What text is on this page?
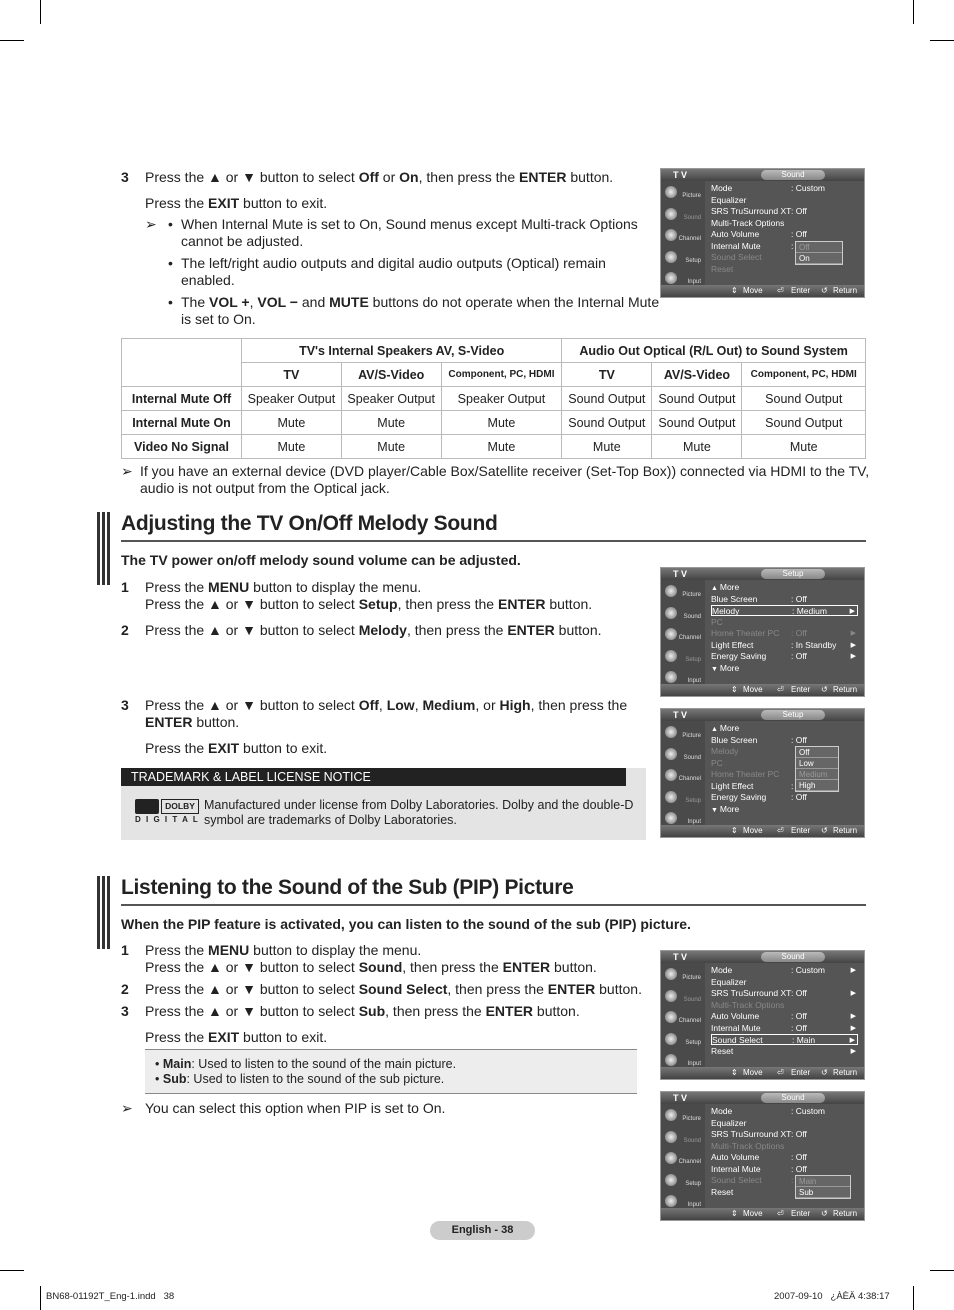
3 Press the ▲ or ▼ button to select Off or On, then press the ENTER button.
Press the EXIT button to exit.
➢ • When Internal Mute is set to On, Sound menus except Multi-track Options
cannot be adjusted.
• The left/right audio outputs and digital audio outputs (Optical) remain
enabled.
• The VOL +, VOL − and MUTE buttons do not operate when the Internal Mute
is set to On.
	TV's Internal Speakers AV, S-Video			Audio Out Optical (R/L Out) to Sound System		
	TV	AV/S-Video	Component, PC, HDMI	TV	AV/S-Video	Component, PC, HDMI
Internal Mute Off	Speaker Output	Speaker Output	Speaker Output	Sound Output	Sound Output	Sound Output
Internal Mute On	Mute	Mute	Mute	Sound Output	Sound Output	Sound Output
Video No Signal	Mute	Mute	Mute	Mute	Mute	Mute
➢ If you have an external device (DVD player/Cable Box/Satellite receiver (Set-Top Box)) connected via HDMI to the TV,
audio is not output from the Optical jack.
Adjusting the TV On/Off Melody Sound
The TV power on/off melody sound volume can be adjusted.
1 Press the MENU button to display the menu.
Press the ▲ or ▼ button to select Setup, then press the ENTER button.
2 Press the ▲ or ▼ button to select Melody, then press the ENTER button.
3 Press the ▲ or ▼ button to select Off, Low, Medium, or High, then press the
ENTER button.
Press the EXIT button to exit.
TRADEMARK & LABEL LICENSE NOTICE
DOLBY
D I G I T A L
Manufactured under license from Dolby Laboratories. Dolby and the double-D
symbol are trademarks of Dolby Laboratories.
Listening to the Sound of the Sub (PIP) Picture
When the PIP feature is activated, you can listen to the sound of the sub (PIP) picture.
1 Press the MENU button to display the menu.
Press the ▲ or ▼ button to select Sound, then press the ENTER button.
2 Press the ▲ or ▼ button to select Sound Select, then press the ENTER button.
3 Press the ▲ or ▼ button to select Sub, then press the ENTER button.
Press the EXIT button to exit.
• Main: Used to listen to the sound of the main picture.
• Sub: Used to listen to the sound of the sub picture.
➢ You can select this option when PIP is set to On.
T V	Sound
Picture
Sound
Channel
Setup
Input
Mode	: Custom
Equalizer
SRS TruSurround XT : Off
Multi-Track Options
Auto Volume	: Off
Internal Mute	:
Sound Select
Reset
Off
On
⇕ Move ⏎ Enter ↺ Return
T V	Setup
Picture
Sound
Channel
Setup
Input
▲ More
Blue Screen	: Off
Melody	: Medium	▶
PC
Home Theater PC : Off	▶
Light Effect	: In Standby ▶
Energy Saving	: Off	▶
▼ More
⇕ Move ⏎ Enter ↺ Return
T V	Setup
Picture
Sound
Channel
Setup
Input
▲ More
Blue Screen	: Off
Melody
PC
Home Theater PC
Light Effect	:
Energy Saving	: Off
▼ More
Off
Low
Medium
High
⇕ Move ⏎ Enter ↺ Return
T V	Sound
Picture
Sound
Channel
Setup
Input
Mode	: Custom	▶
Equalizer
SRS TruSurround XT : Off	▶
Multi-Track Options
Auto Volume	: Off	▶
Internal Mute	: Off	▶
Sound Select	: Main	▶
Reset	▶
⇕ Move ⏎ Enter ↺ Return
T V	Sound
Picture
Sound
Channel
Setup
Input
Mode	: Custom
Equalizer
SRS TruSurround XT : Off
Multi-Track Options
Auto Volume	: Off
Internal Mute	: Off
Sound Select	:
Reset
Main
Sub
⇕ Move ⏎ Enter ↺ Return
English - 38
BN68-01192T_Eng-1.indd   38	2007-09-10   ¿ÀÈÄ 4:38:17
